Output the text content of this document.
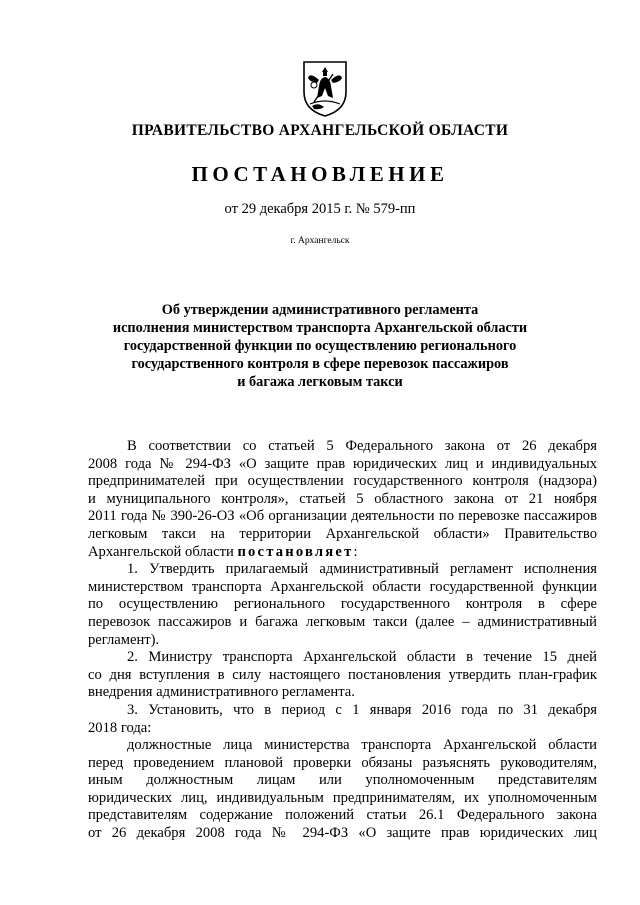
ПРАВИТЕЛЬСТВО АРХАНГЕЛЬСКОЙ ОБЛАСТИ
ПОСТАНОВЛЕНИЕ
от 29 декабря 2015 г. № 579-пп
г. Архангельск
Об утверждении административного регламента
исполнения министерством транспорта Архангельской области
государственной функции по осуществлению регионального
государственного контроля в сфере перевозок пассажиров
и багажа легковым такси
В соответствии со статьей 5 Федерального закона от 26 декабря
2008 года № 294-ФЗ «О защите прав юридических лиц и индивидуальных
предпринимателей при осуществлении государственного контроля (надзора)
и муниципального контроля», статьей 5 областного закона от 21 ноября
2011 года № 390-26-ОЗ «Об организации деятельности по перевозке пассажиров
легковым такси на территории Архангельской области» Правительство
Архангельской области постановляет:
1. Утвердить прилагаемый административный регламент исполнения
министерством транспорта Архангельской области государственной функции
по осуществлению регионального государственного контроля в сфере
перевозок пассажиров и багажа легковым такси (далее – административный
регламент).
2. Министру транспорта Архангельской области в течение 15 дней
со дня вступления в силу настоящего постановления утвердить план-график
внедрения административного регламента.
3. Установить, что в период с 1 января 2016 года по 31 декабря
2018 года:
должностные лица министерства транспорта Архангельской области
перед проведением плановой проверки обязаны разъяснять руководителям,
иным должностным лицам или уполномоченным представителям
юридических лиц, индивидуальным предпринимателям, их уполномоченным
представителям содержание положений статьи 26.1 Федерального закона
от 26 декабря 2008 года № 294-ФЗ «О защите прав юридических лиц
